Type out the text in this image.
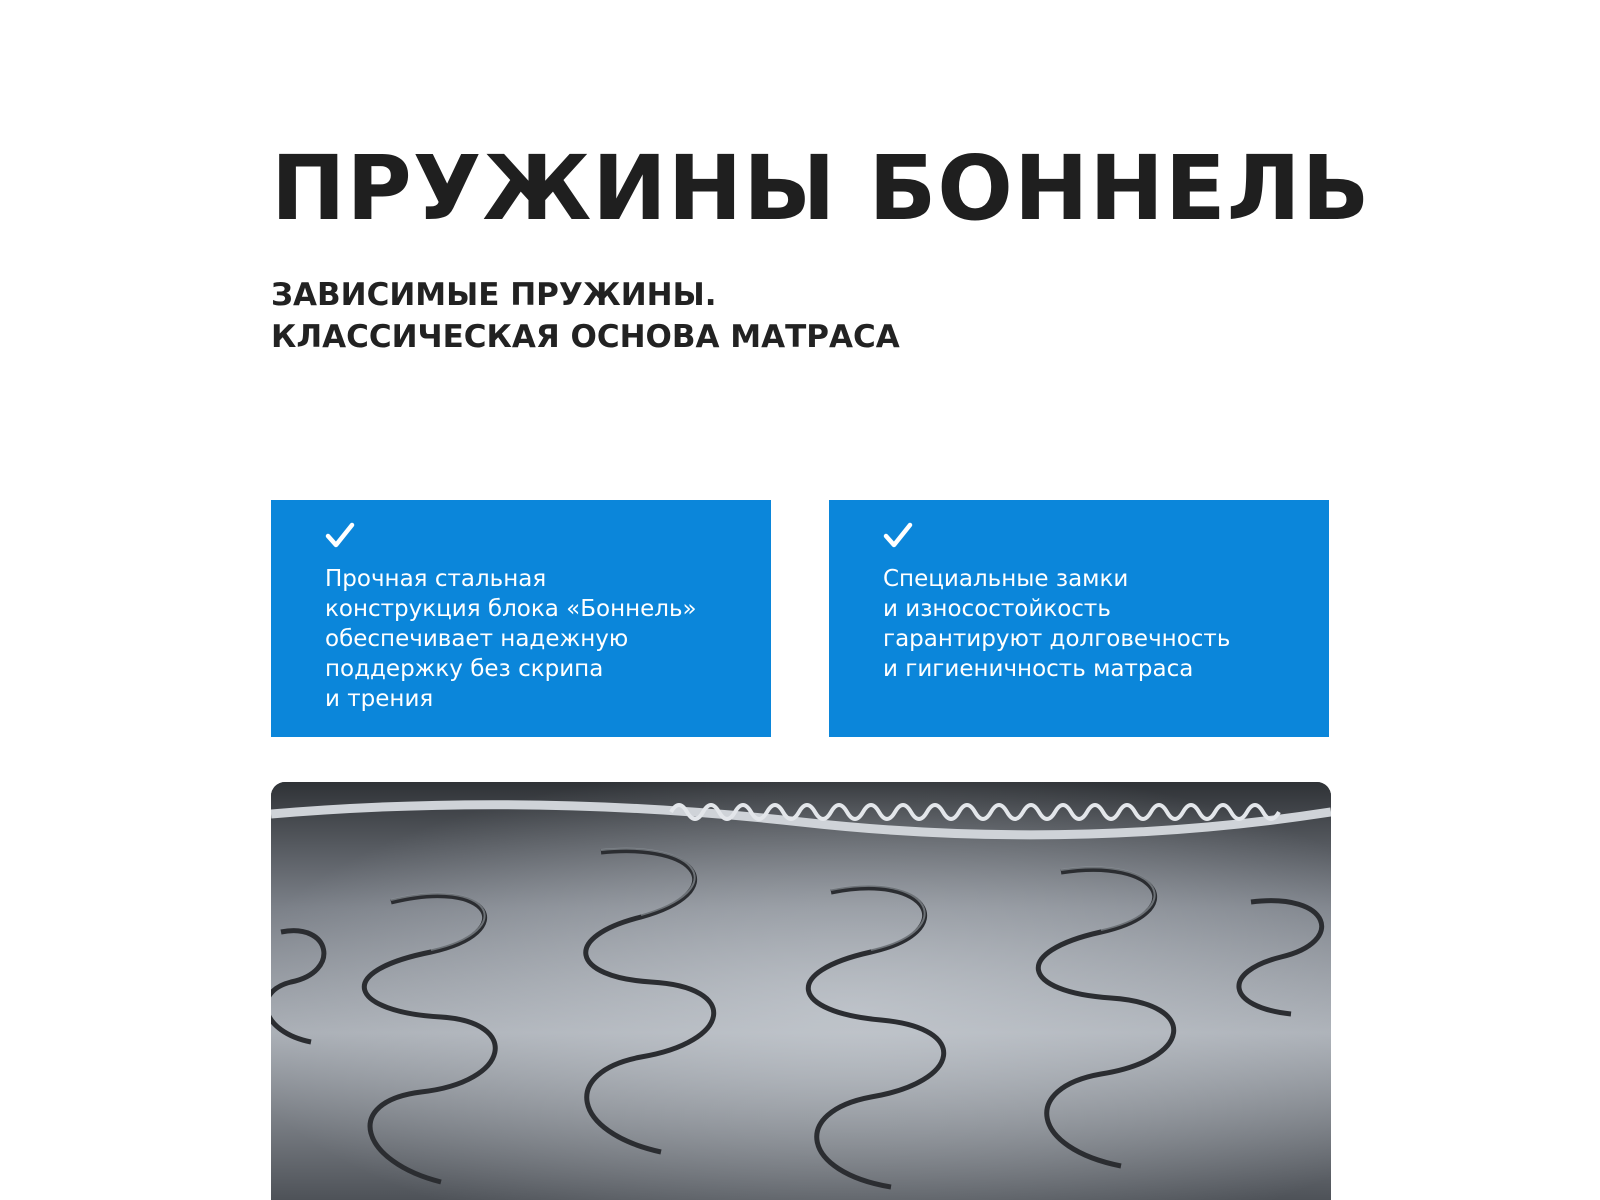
ПРУЖИНЫ БОННЕЛЬ
ЗАВИСИМЫЕ ПРУЖИНЫ.
КЛАССИЧЕСКАЯ ОСНОВА МАТРАСА
Прочная стальная
конструкция блока «Боннель»
обеспечивает надежную
поддержку без скрипа
и трения
Специальные замки
и износостойкость
гарантируют долговечность
и гигиеничность матраса
